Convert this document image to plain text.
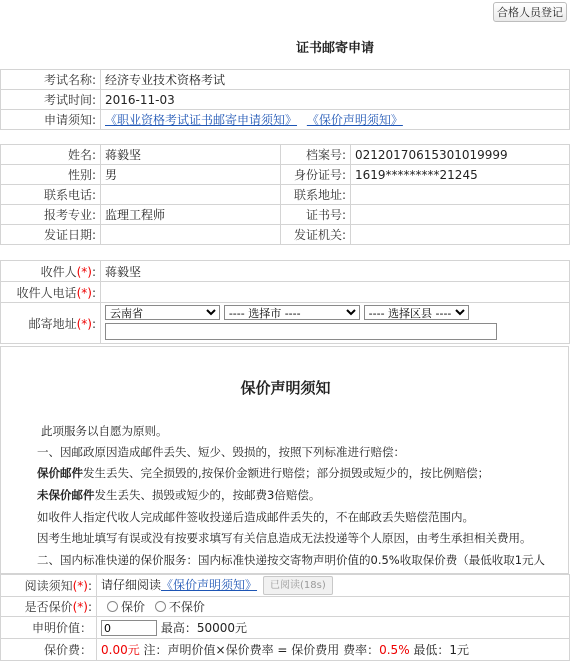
合格人员登记
证书邮寄申请
考试名称:	经济专业技术资格考试
考试时间:	2016-11-03
申请须知:	《职业资格考试证书邮寄申请须知》 《保价声明须知》
姓名:	蒋毅坚	档案号:	02120170615301019999
性别:	男	身份证号:	1619*********21245
联系电话:		联系地址:	
报考专业:	监理工程师	证书号:	
发证日期:		发证机关:	
收件人(*):	蒋毅坚
收件人电话(*):	
邮寄地址(*):	
云南省
---- 选择市 ----
---- 选择区县 ----
保价声明须知

此项服务以自愿为原则。

一、因邮政原因造成邮件丢失、短少、毁损的，按照下列标准进行赔偿：

保价邮件发生丢失、完全损毁的,按保价金额进行赔偿；部分损毁或短少的，按比例赔偿；

未保价邮件发生丢失、损毁或短少的，按邮费3倍赔偿。

如收件人指定代收人完成邮件签收投递后造成邮件丢失的，不在邮政丢失赔偿范围内。

因考生地址填写有误或没有按要求填写有关信息造成无法投递等个人原因，由考生承担相关费用。

二、国内标准快递的保价服务：国内标准快递按交寄物声明价值的0.5%收取保价费（最低收取1元人

阅读须知(*):	请仔细阅读《保价声明须知》 已阅读(18s)
是否保价(*):	保价 不保价
申明价值：	0最高：50000元
保价费：	0.00元 注：声明价值×保价费率 = 保价费用 费率：0.5% 最低：1元
